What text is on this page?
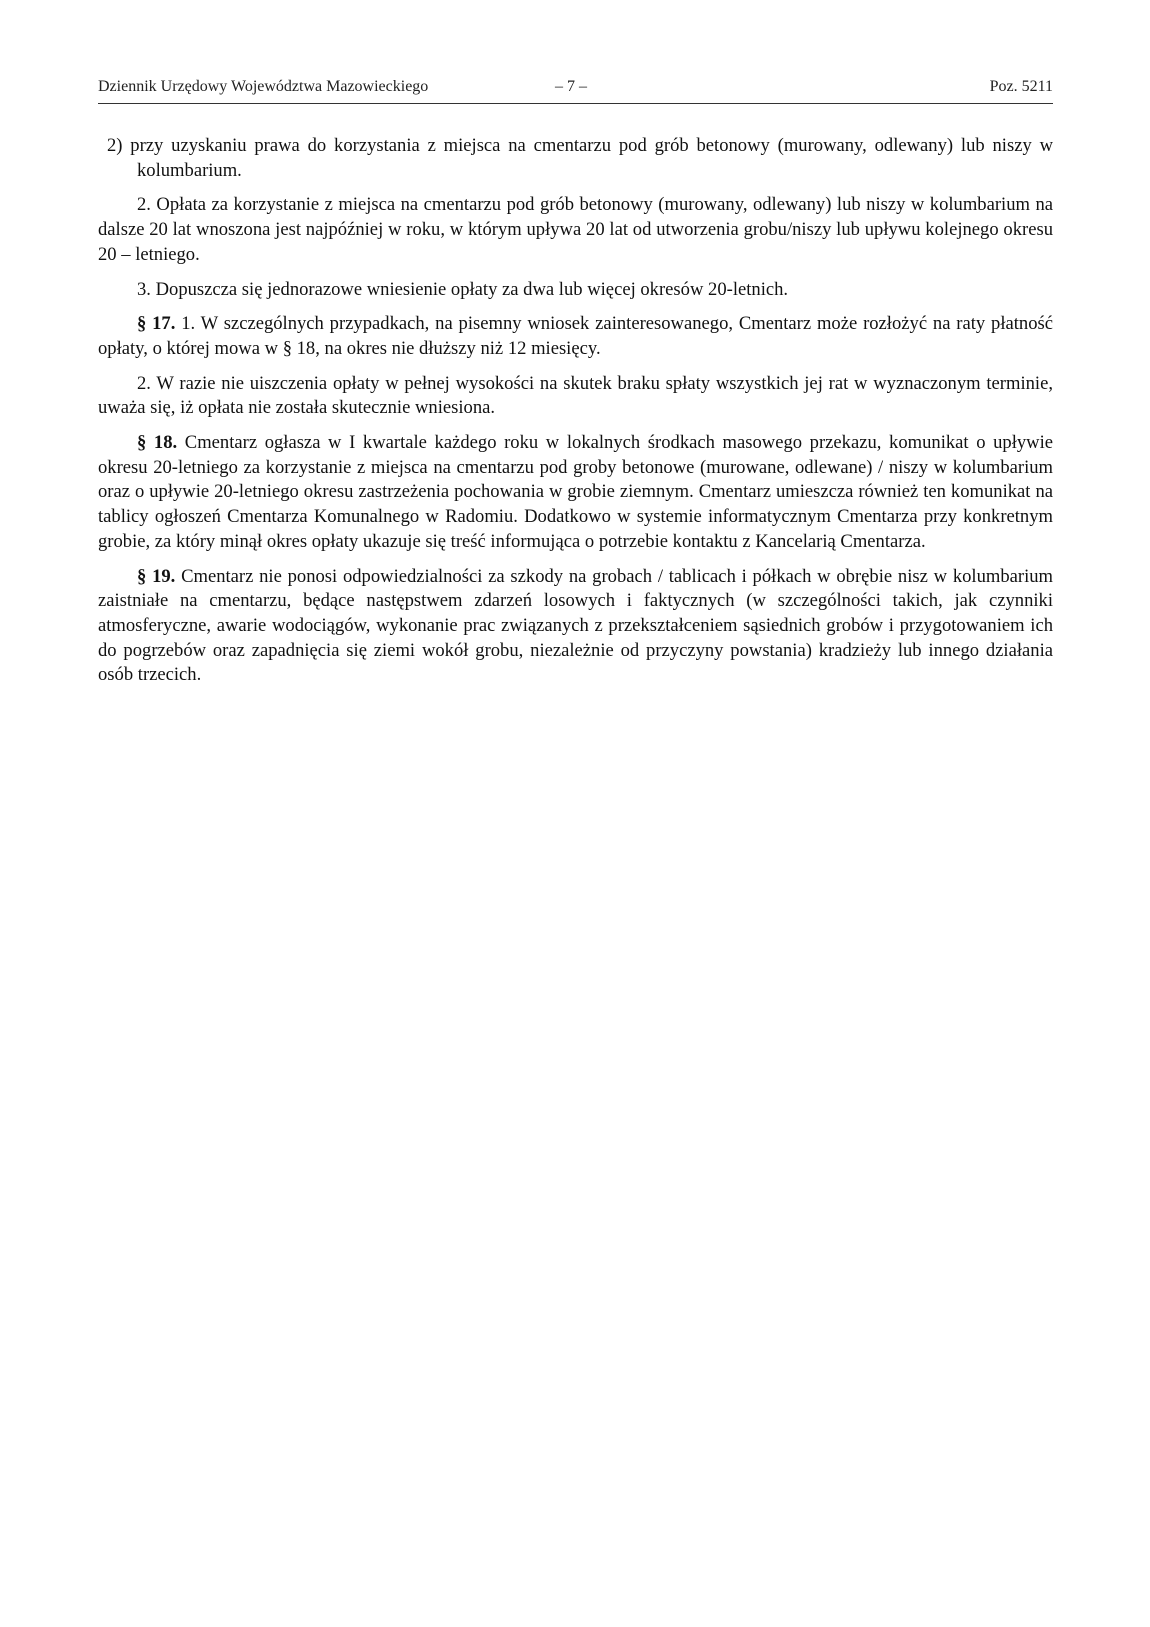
Dziennik Urzędowy Województwa Mazowieckiego	– 7 –	Poz. 5211

2) przy uzyskaniu prawa do korzystania z miejsca na cmentarzu pod grób betonowy (murowany, odlewany) lub niszy w kolumbarium.

2. Opłata za korzystanie z miejsca na cmentarzu pod grób betonowy (murowany, odlewany) lub niszy w kolumbarium na dalsze 20 lat wnoszona jest najpóźniej w roku, w którym upływa 20 lat od utworzenia grobu/niszy lub upływu kolejnego okresu 20 – letniego.

3. Dopuszcza się jednorazowe wniesienie opłaty za dwa lub więcej okresów 20-letnich.

§ 17. 1. W szczególnych przypadkach, na pisemny wniosek zainteresowanego, Cmentarz może rozłożyć na raty płatność opłaty, o której mowa w § 18, na okres nie dłuższy niż 12 miesięcy.

2. W razie nie uiszczenia opłaty w pełnej wysokości na skutek braku spłaty wszystkich jej rat w wyznaczonym terminie, uważa się, iż opłata nie została skutecznie wniesiona.

§ 18. Cmentarz ogłasza w I kwartale każdego roku w lokalnych środkach masowego przekazu, komunikat o upływie okresu 20-letniego za korzystanie z miejsca na cmentarzu pod groby betonowe (murowane, odlewane) / niszy w kolumbarium oraz o upływie 20-letniego okresu zastrzeżenia pochowania w grobie ziemnym. Cmentarz umieszcza również ten komunikat na tablicy ogłoszeń Cmentarza Komunalnego w Radomiu. Dodatkowo w systemie informatycznym Cmentarza przy konkretnym grobie, za który minął okres opłaty ukazuje się treść informująca o potrzebie kontaktu z Kancelarią Cmentarza.

§ 19. Cmentarz nie ponosi odpowiedzialności za szkody na grobach / tablicach i półkach w obrębie nisz w kolumbarium zaistniałe na cmentarzu, będące następstwem zdarzeń losowych i faktycznych (w szczególności takich, jak czynniki atmosferyczne, awarie wodociągów, wykonanie prac związanych z przekształceniem sąsiednich grobów i przygotowaniem ich do pogrzebów oraz zapadnięcia się ziemi wokół grobu, niezależnie od przyczyny powstania) kradzieży lub innego działania osób trzecich.
